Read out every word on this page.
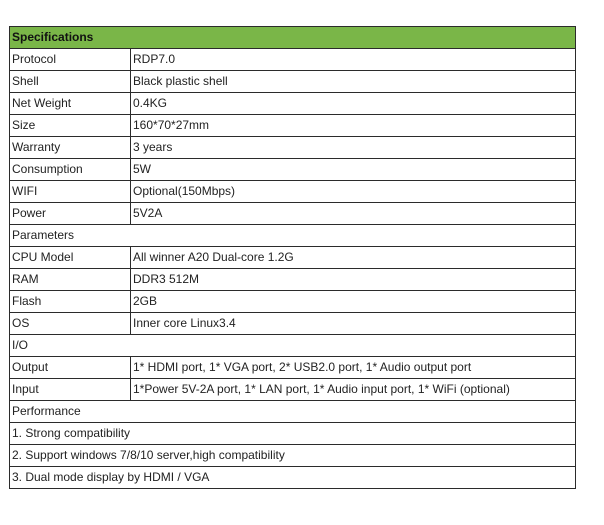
Specifications	
Protocol	RDP7.0
Shell	Black plastic shell
Net Weight	0.4KG
Size	160*70*27mm
Warranty	3 years
Consumption	5W
WIFI	Optional(150Mbps)
Power	5V2A
Parameters	
CPU Model	All winner A20 Dual-core 1.2G
RAM	DDR3 512M
Flash	2GB
OS	Inner core Linux3.4
I/O	
Output	1* HDMI port, 1* VGA port, 2* USB2.0 port, 1* Audio output port
Input	1*Power 5V-2A port, 1* LAN port, 1* Audio input port, 1* WiFi (optional)
Performance	
1. Strong compatibility	
2. Support windows 7/8/10 server,high compatibility	
3. Dual mode display by HDMI / VGA	
